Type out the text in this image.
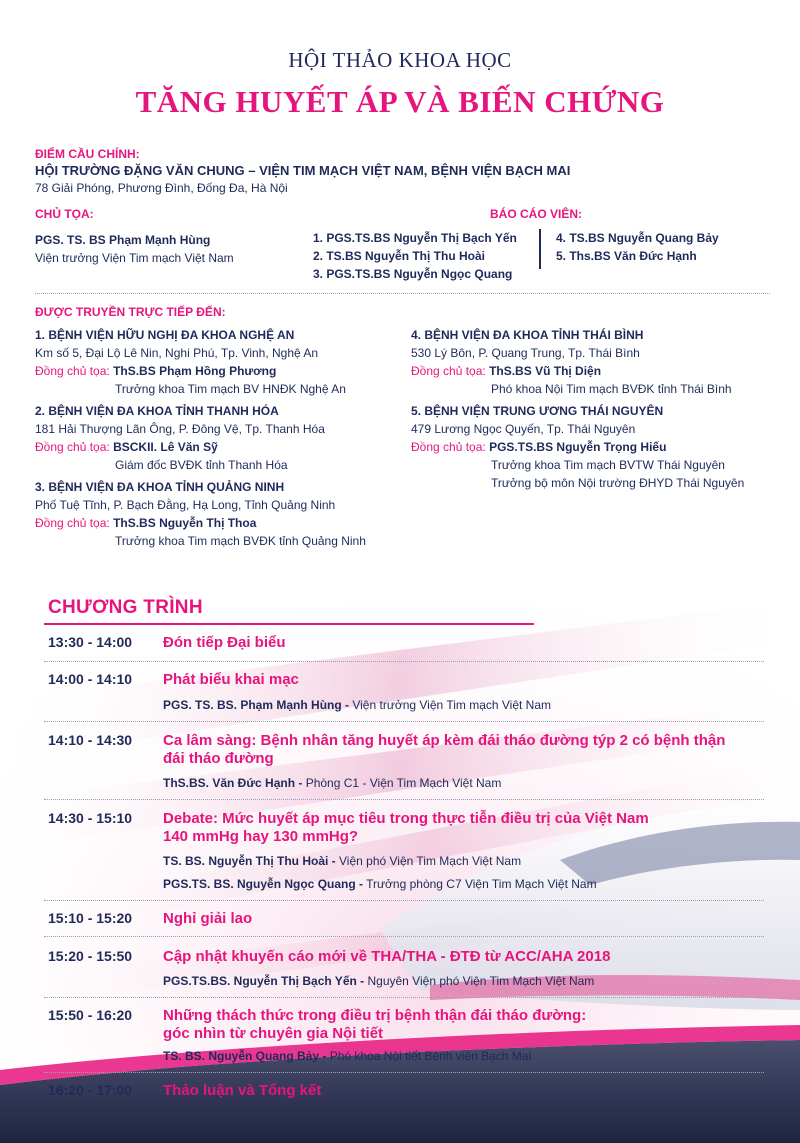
HỘI THẢO KHOA HỌC
TĂNG HUYẾT ÁP VÀ BIẾN CHỨNG
ĐIỂM CẦU CHÍNH:
HỘI TRƯỜNG ĐẶNG VĂN CHUNG – VIỆN TIM MẠCH VIỆT NAM, BỆNH VIỆN BẠCH MAI
78 Giải Phóng, Phương Đình, Đống Đa, Hà Nội
CHỦ TỌA:
PGS. TS. BS Phạm Mạnh Hùng
Viện trưởng Viện Tim mạch Việt Nam
BÁO CÁO VIÊN:
1. PGS.TS.BS Nguyễn Thị Bạch Yến
2. TS.BS Nguyễn Thị Thu Hoài
3. PGS.TS.BS Nguyễn Ngọc Quang
4. TS.BS Nguyễn Quang Bảy
5. Ths.BS Văn Đức Hạnh
ĐƯỢC TRUYỀN TRỰC TIẾP ĐẾN:
1. BỆNH VIỆN HỮU NGHỊ ĐA KHOA NGHỆ AN
Km số 5, Đại Lộ Lê Nin, Nghi Phú, Tp. Vinh, Nghệ An
Đồng chủ tọa: ThS.BS Phạm Hồng Phương
Trưởng khoa Tim mạch BV HNĐK Nghệ An
2. BỆNH VIỆN ĐA KHOA TỈNH THANH HÓA
181 Hải Thượng Lãn Ông, P. Đông Vệ, Tp. Thanh Hóa
Đồng chủ tọa: BSCKII. Lê Văn Sỹ
Giám đốc BVĐK tỉnh Thanh Hóa
3. BỆNH VIỆN ĐA KHOA TỈNH QUẢNG NINH
Phố Tuệ Tĩnh, P. Bạch Đằng, Hạ Long, Tỉnh Quảng Ninh
Đồng chủ tọa: ThS.BS Nguyễn Thị Thoa
Trưởng khoa Tim mạch BVĐK tỉnh Quảng Ninh
4. BỆNH VIỆN ĐA KHOA TỈNH THÁI BÌNH
530 Lý Bôn, P. Quang Trung, Tp. Thái Bình
Đồng chủ tọa: ThS.BS Vũ Thị Diện
Phó khoa Nội Tim mạch BVĐK tỉnh Thái Bình
5. BỆNH VIỆN TRUNG ƯƠNG THÁI NGUYÊN
479 Lương Ngọc Quyến, Tp. Thái Nguyên
Đồng chủ tọa: PGS.TS.BS Nguyễn Trọng Hiếu
Trưởng khoa Tim mạch BVTW Thái Nguyên
Trưởng bộ môn Nội trường ĐHYD Thái Nguyên
CHƯƠNG TRÌNH
13:30 - 14:00 Đón tiếp Đại biểu
14:00 - 14:10 Phát biểu khai mạc
PGS. TS. BS. Phạm Mạnh Hùng - Viện trưởng Viện Tim mạch Việt Nam
14:10 - 14:30 Ca lâm sàng: Bệnh nhân tăng huyết áp kèm đái tháo đường týp 2 có bệnh thận
đái tháo đường
ThS.BS. Văn Đức Hạnh - Phòng C1 - Viện Tim Mạch Việt Nam
14:30 - 15:10 Debate: Mức huyết áp mục tiêu trong thực tiễn điều trị của Việt Nam
140 mmHg hay 130 mmHg?
TS. BS. Nguyễn Thị Thu Hoài - Viện phó Viện Tim Mạch Việt Nam
PGS.TS. BS. Nguyễn Ngọc Quang - Trưởng phòng C7 Viện Tim Mạch Việt Nam
15:10 - 15:20 Nghỉ giải lao
15:20 - 15:50 Cập nhật khuyến cáo mới về THA/THA - ĐTĐ từ ACC/AHA 2018
PGS.TS.BS. Nguyễn Thị Bạch Yến - Nguyên Viện phó Viện Tim Mạch Việt Nam
15:50 - 16:20 Những thách thức trong điều trị bệnh thận đái tháo đường:
góc nhìn từ chuyên gia Nội tiết
TS. BS. Nguyễn Quang Bảy - Phó khoa Nội tiết Bệnh viện Bạch Mai
16:20 - 17:00 Thảo luận và Tổng kết
